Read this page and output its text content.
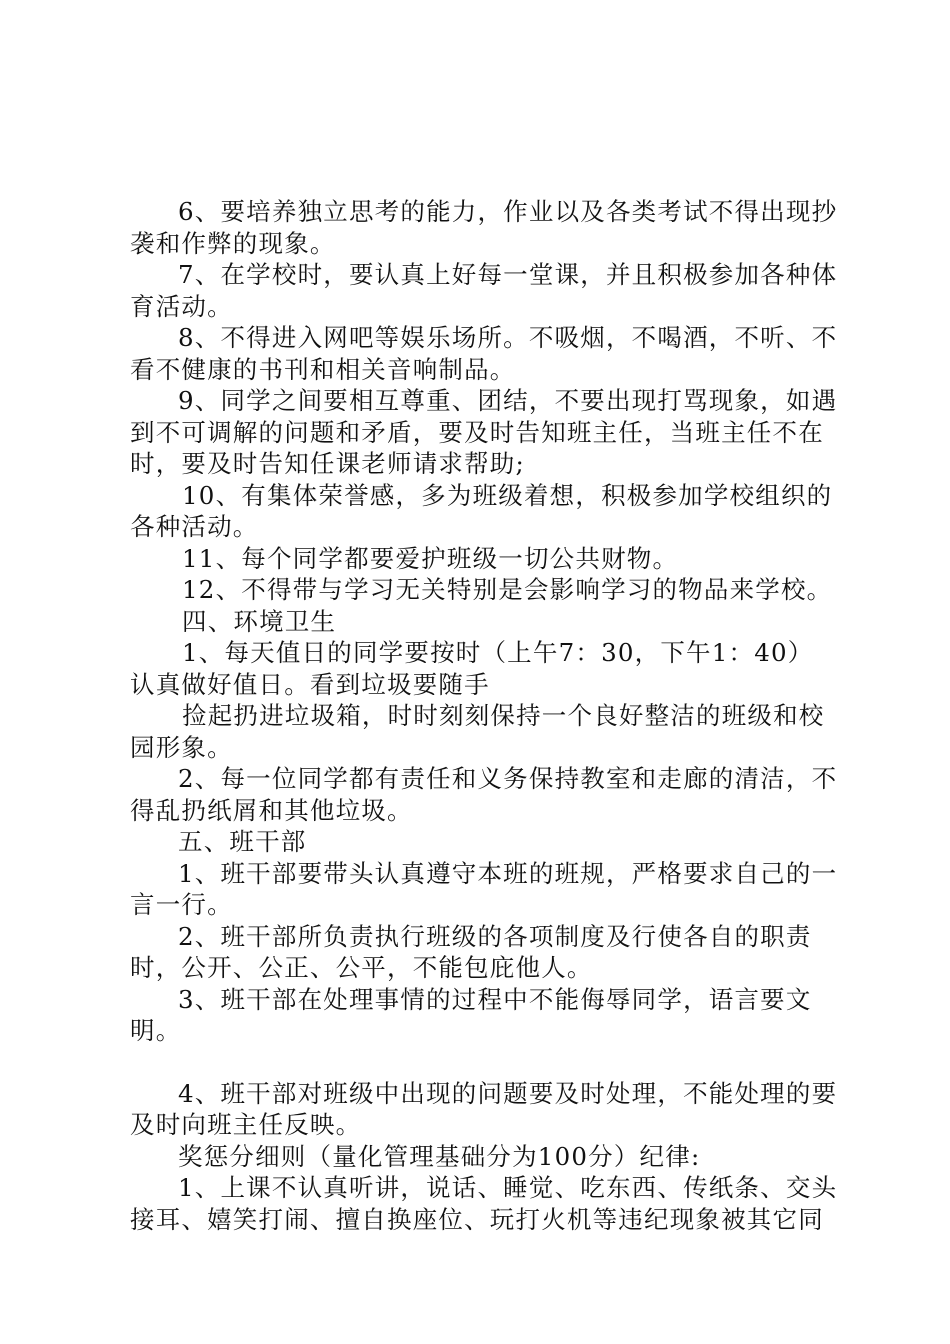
6、要培养独立思考的能力，作业以及各类考试不得出现抄袭和作弊的现象。

7、在学校时，要认真上好每一堂课，并且积极参加各种体育活动。

8、不得进入网吧等娱乐场所。不吸烟，不喝酒，不听、不看不健康的书刊和相关音响制品。

9、同学之间要相互尊重、团结，不要出现打骂现象，如遇到不可调解的问题和矛盾，要及时告知班主任，当班主任不在时，要及时告知任课老师请求帮助;

10、有集体荣誉感，多为班级着想，积极参加学校组织的各种活动。

11、每个同学都要爱护班级一切公共财物。

12、不得带与学习无关特别是会影响学习的物品来学校。

四、环境卫生

1、每天值日的同学要按时（上午7：30，下午1：40）认真做好值日。看到垃圾要随手

捡起扔进垃圾箱，时时刻刻保持一个良好整洁的班级和校园形象。

2、每一位同学都有责任和义务保持教室和走廊的清洁，不得乱扔纸屑和其他垃圾。

五、班干部

1、班干部要带头认真遵守本班的班规，严格要求自己的一言一行。

2、班干部所负责执行班级的各项制度及行使各自的职责时，公开、公正、公平，不能包庇他人。

3、班干部在处理事情的过程中不能侮辱同学，语言要文明。

4、班干部对班级中出现的问题要及时处理，不能处理的要及时向班主任反映。

奖惩分细则（量化管理基础分为100分）纪律:

1、上课不认真听讲，说话、睡觉、吃东西、传纸条、交头接耳、嬉笑打闹、擅自换座位、玩打火机等违纪现象被其它同
